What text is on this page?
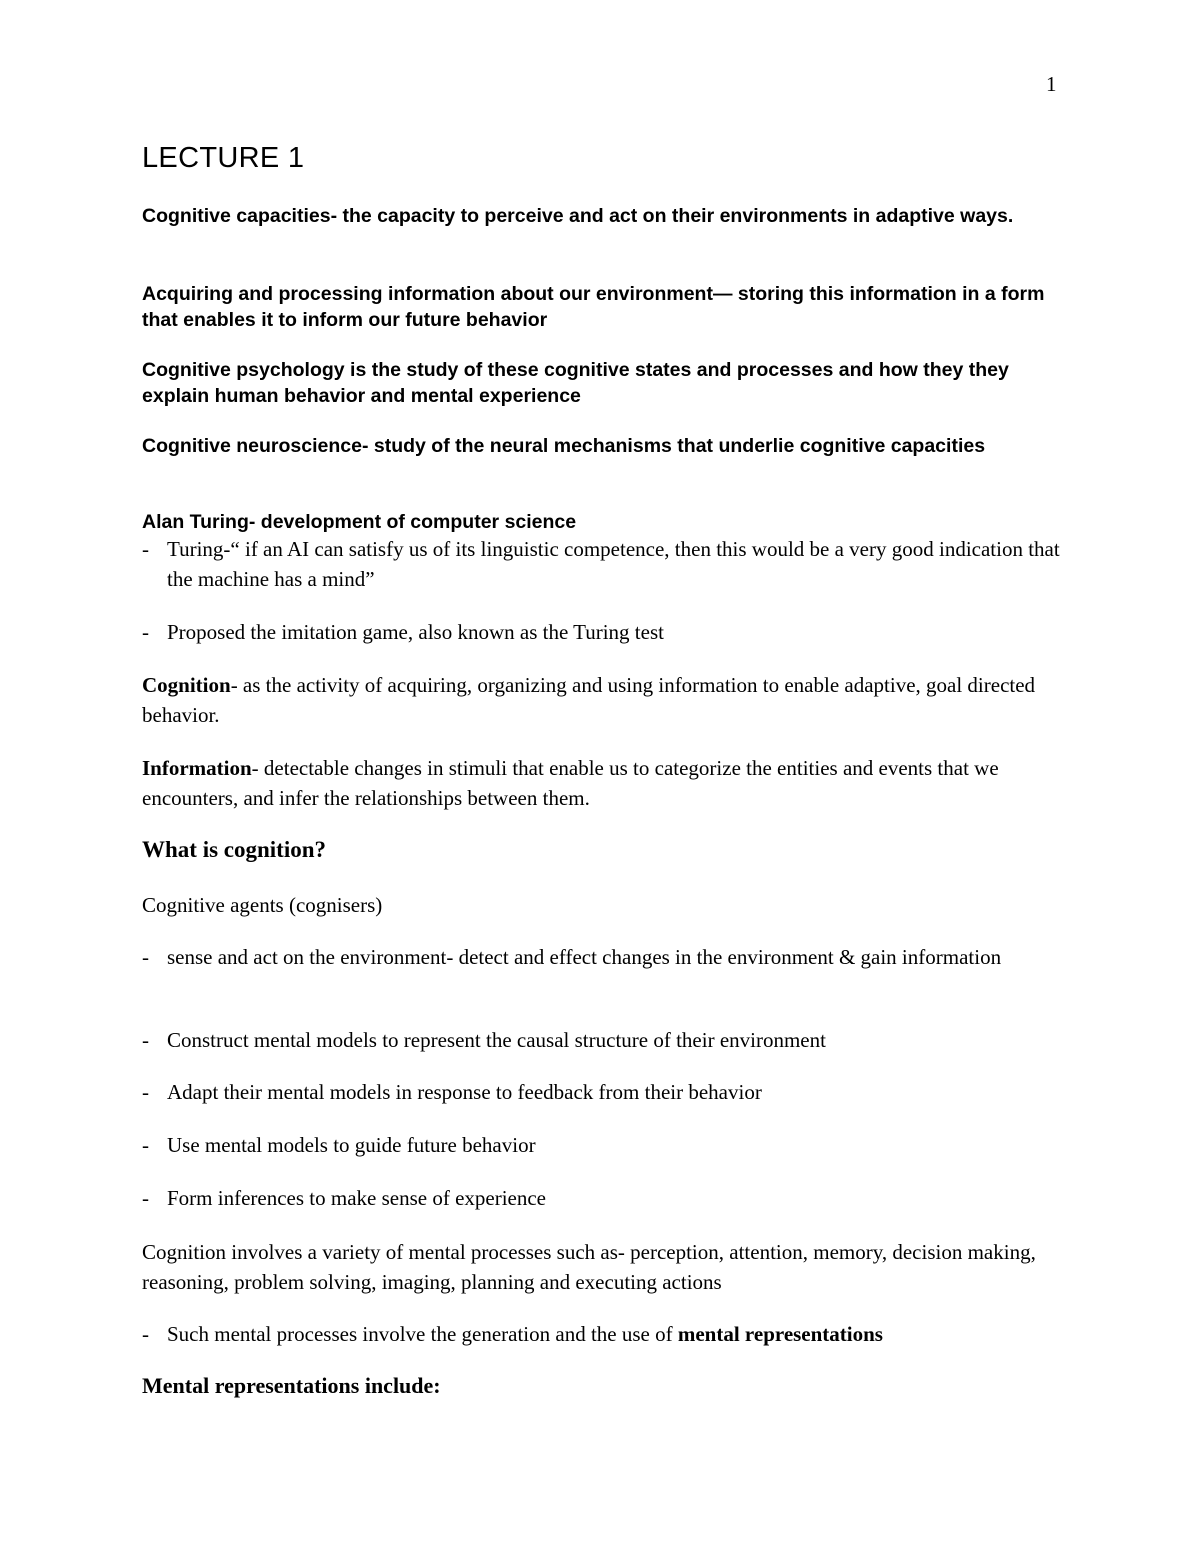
1
LECTURE 1

Cognitive capacities- the capacity to perceive and act on their environments in adaptive ways.

Acquiring and processing information about our environment— storing this information in a form that enables it to inform our future behavior

Cognitive psychology is the study of these cognitive states and processes and how they they explain human behavior and mental experience

Cognitive neuroscience- study of the neural mechanisms that underlie cognitive capacities

Alan Turing- development of computer science

- Turing-“ if an AI can satisfy us of its linguistic competence, then this would be a very good indication that the machine has a mind”

- Proposed the imitation game, also known as the Turing test

Cognition- as the activity of acquiring, organizing and using information to enable adaptive, goal directed behavior.

Information- detectable changes in stimuli that enable us to categorize the entities and events that we encounters, and infer the relationships between them.

What is cognition?

Cognitive agents (cognisers)

- sense and act on the environment- detect and effect changes in the environment & gain information

- Construct mental models to represent the causal structure of their environment

- Adapt their mental models in response to feedback from their behavior

- Use mental models to guide future behavior

- Form inferences to make sense of experience

Cognition involves a variety of mental processes such as- perception, attention, memory, decision making, reasoning, problem solving, imaging, planning and executing actions

- Such mental processes involve the generation and the use of mental representations

Mental representations include:
